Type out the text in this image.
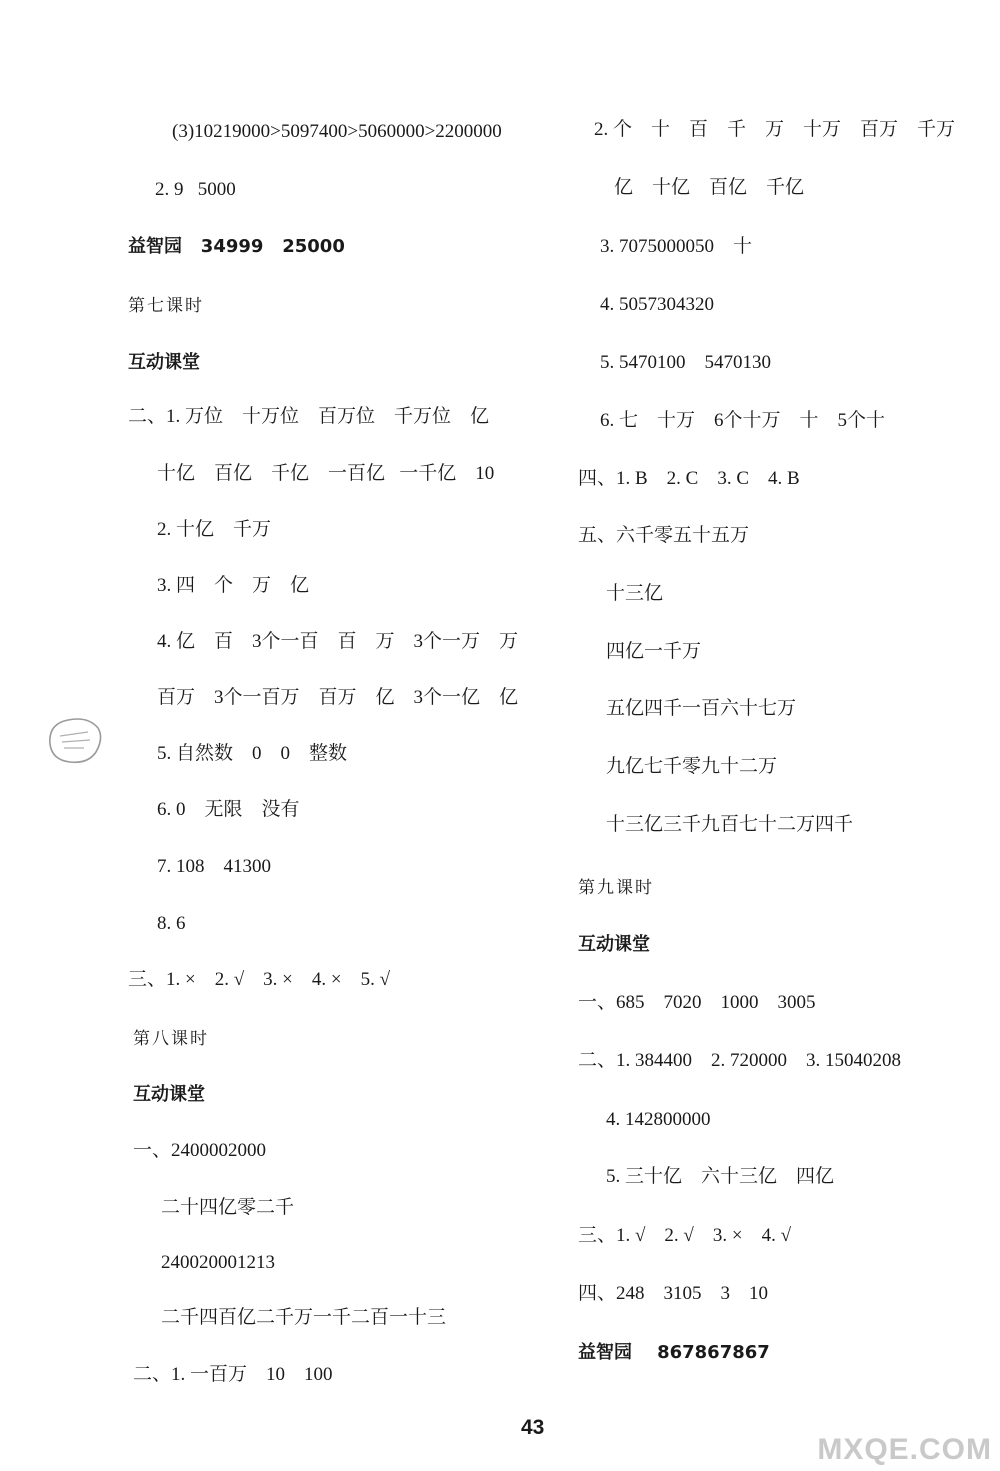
(3)10219000>5097400>5060000>2200000
2. 9   5000
益智园   34999   25000
第七课时
互动课堂
二、1. 万位    十万位    百万位    千万位    亿
十亿    百亿    千亿    一百亿   一千亿    10
2. 十亿    千万
3. 四    个    万    亿
4. 亿    百    3个一百    百    万    3个一万    万
百万    3个一百万    百万    亿    3个一亿    亿
5. 自然数    0    0    整数
6. 0    无限    没有
7. 108    41300
8. 6
三、1. ×    2. √    3. ×    4. ×    5. √
第八课时
互动课堂
一、2400002000
二十四亿零二千
240020001213
二千四百亿二千万一千二百一十三
二、1. 一百万    10    100
2. 个    十    百    千    万    十万    百万    千万
亿    十亿    百亿    千亿
3. 7075000050    十
4. 5057304320
5. 5470100    5470130
6. 七    十万    6个十万    十    5个十
四、1. B    2. C    3. C    4. B
五、六千零五十五万
十三亿
四亿一千万
五亿四千一百六十七万
九亿七千零九十二万
十三亿三千九百七十二万四千
第九课时
互动课堂
一、685    7020    1000    3005
二、1. 384400    2. 720000    3. 15040208
4. 142800000
5. 三十亿    六十三亿    四亿
三、1. √    2. √    3. ×    4. √
四、248    3105    3    10
益智园    867867867
43
MXQE.COM
